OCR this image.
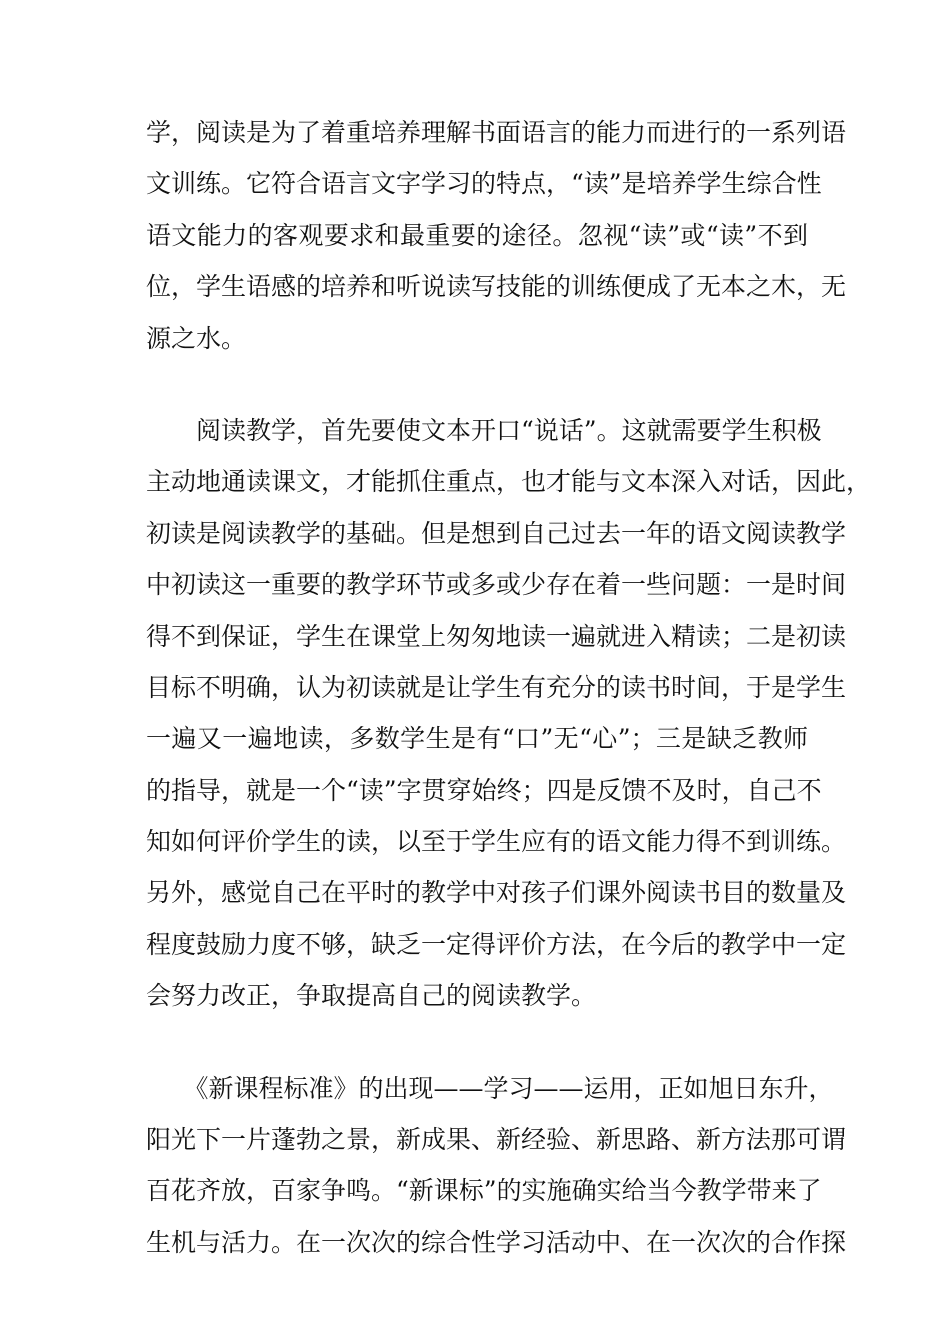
学，阅读是为了着重培养理解书面语言的能力而进行的一系列语
文训练。它符合语言文字学习的特点，“读”是培养学生综合性
语文能力的客观要求和最重要的途径。忽视“读”或“读”不到
位，学生语感的培养和听说读写技能的训练便成了无本之木，无
源之水。
　　阅读教学，首先要使文本开口“说话”。这就需要学生积极
主动地通读课文，才能抓住重点，也才能与文本深入对话，因此，
初读是阅读教学的基础。但是想到自己过去一年的语文阅读教学
中初读这一重要的教学环节或多或少存在着一些问题：一是时间
得不到保证，学生在课堂上匆匆地读一遍就进入精读；二是初读
目标不明确，认为初读就是让学生有充分的读书时间，于是学生
一遍又一遍地读，多数学生是有“口”无“心”；三是缺乏教师
的指导，就是一个“读”字贯穿始终；四是反馈不及时，自己不
知如何评价学生的读，以至于学生应有的语文能力得不到训练。
另外，感觉自己在平时的教学中对孩子们课外阅读书目的数量及
程度鼓励力度不够，缺乏一定得评价方法，在今后的教学中一定
会努力改正，争取提高自己的阅读教学。
　　《新课程标准》的出现——学习——运用，正如旭日东升，
阳光下一片蓬勃之景，新成果、新经验、新思路、新方法那可谓
百花齐放，百家争鸣。“新课标”的实施确实给当今教学带来了
生机与活力。在一次次的综合性学习活动中、在一次次的合作探
